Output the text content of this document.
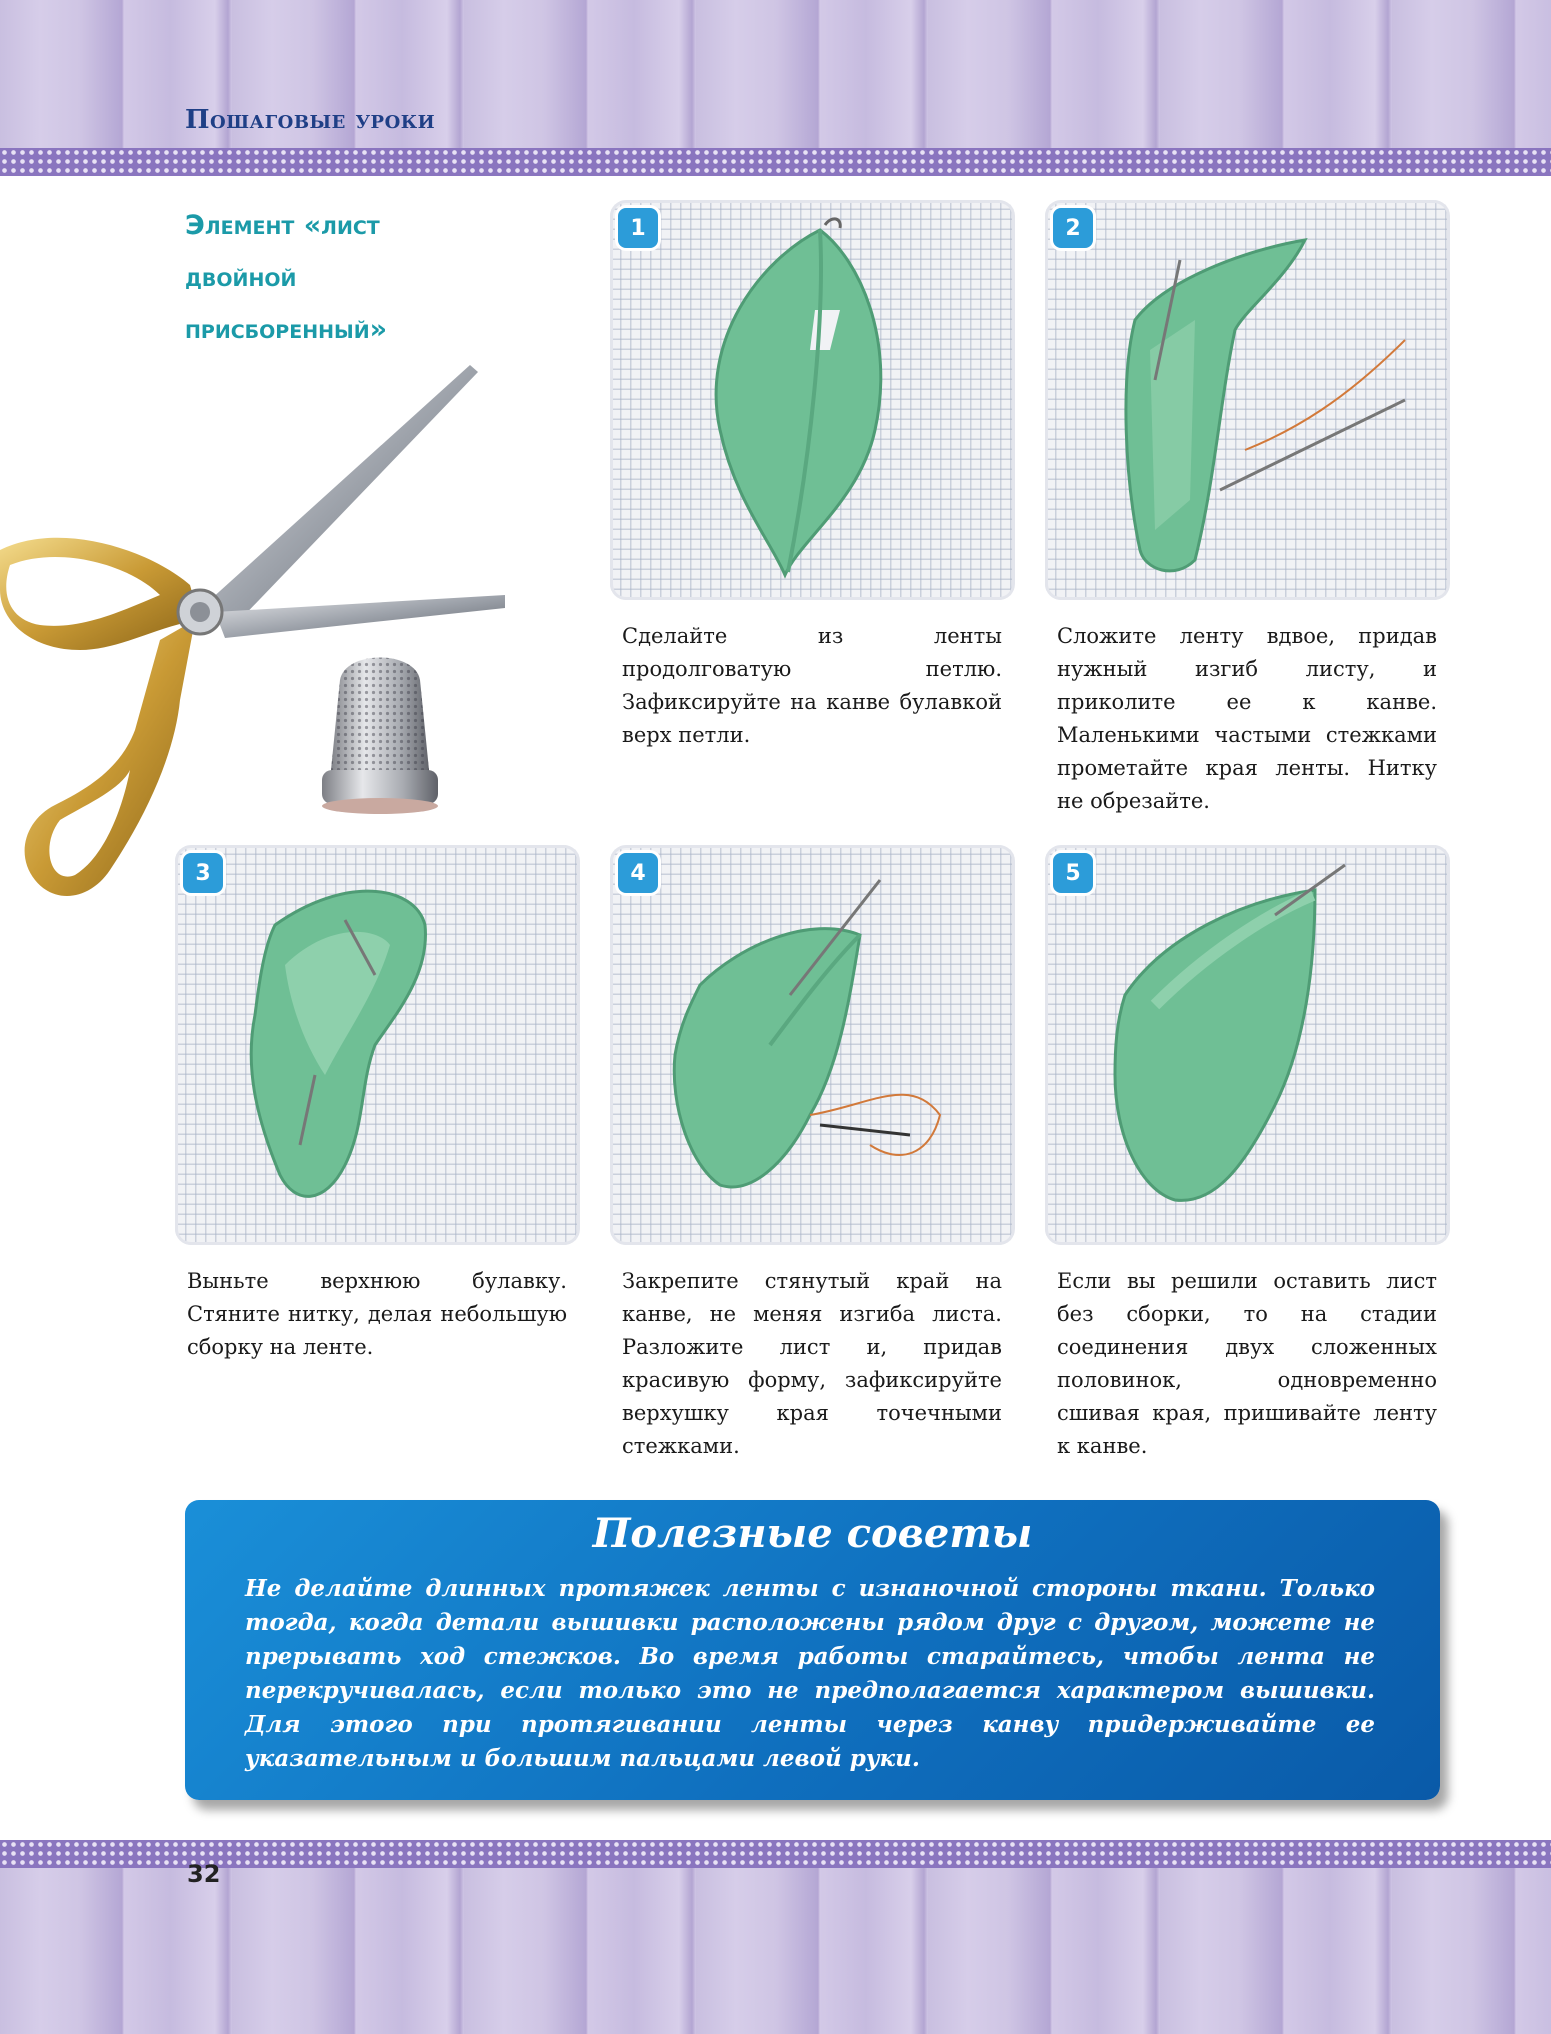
Пошаговые уроки
Элемент «лист
двойной
присборенный»
1
Сделайте из ленты продолговатую петлю. Зафиксируйте на канве булавкой верх петли.
2
Сложите ленту вдвое, придав нужный изгиб листу, и приколите ее к канве. Маленькими частыми стежками прометайте края ленты. Нитку не обрезайте.
3
Выньте верхнюю булавку. Стяните нитку, делая небольшую сборку на ленте.
4
Закрепите стянутый край на канве, не меняя изгиба листа. Разложите лист и, придав красивую форму, зафиксируйте верхушку края точечными стежками.
5
Если вы решили оставить лист без сборки, то на стадии соединения двух сложенных половинок, одновременно сшивая края, пришивайте ленту к канве.
Полезные советы
Не делайте длинных протяжек ленты с изнаночной стороны ткани. Только тогда, когда детали вышивки расположены рядом друг с другом, можете не прерывать ход стежков. Во время работы старайтесь, чтобы лента не перекручивалась, если только это не предполагается характером вышивки. Для этого при протягивании ленты через канву придерживайте ее указательным и большим пальцами левой руки.
32
